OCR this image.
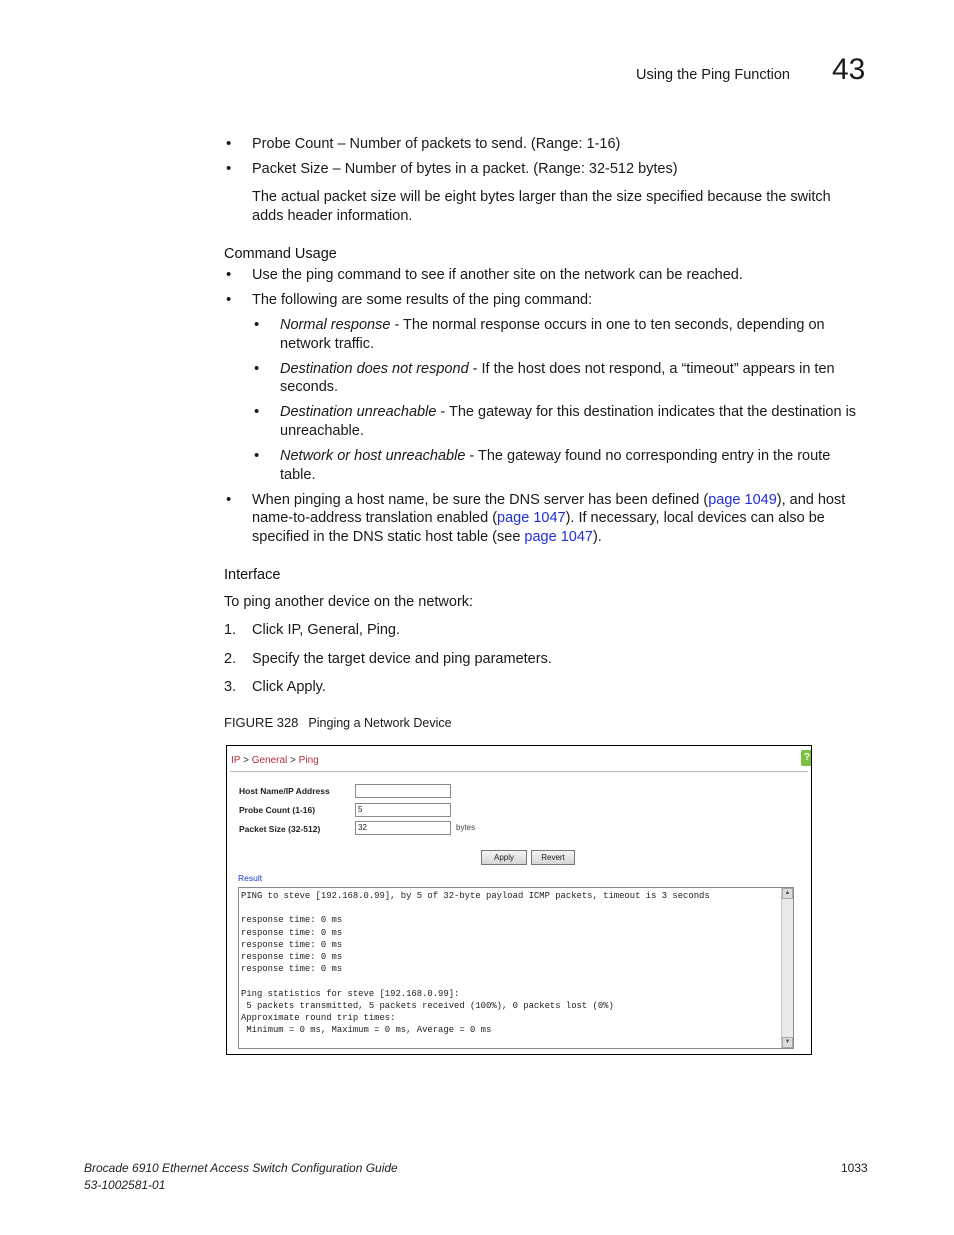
Using the Ping Function 43
• Probe Count – Number of packets to send. (Range: 1-16)
• Packet Size – Number of bytes in a packet. (Range: 32-512 bytes)
The actual packet size will be eight bytes larger than the size specified because the switch
adds header information.
Command Usage
• Use the ping command to see if another site on the network can be reached.
• The following are some results of the ping command:
• Normal response - The normal response occurs in one to ten seconds, depending on
network traffic.
• Destination does not respond - If the host does not respond, a “timeout” appears in ten
seconds.
• Destination unreachable - The gateway for this destination indicates that the destination is
unreachable.
• Network or host unreachable - The gateway found no corresponding entry in the route
table.
• When pinging a host name, be sure the DNS server has been defined (page 1049), and host
name-to-address translation enabled (page 1047). If necessary, local devices can also be
specified in the DNS static host table (see page 1047).
Interface
To ping another device on the network:
1. Click IP, General, Ping.
2. Specify the target device and ping parameters.
3. Click Apply.
FIGURE 328 Pinging a Network Device
IP > General > Ping	?
Host Name/IP Address
Probe Count (1-16)	5
Packet Size (32-512)	32	bytes
Apply	Revert
Result
PING to steve [192.168.0.99], by 5 of 32-byte payload ICMP packets, timeout is 3 seconds

response time: 0 ms
response time: 0 ms
response time: 0 ms
response time: 0 ms
response time: 0 ms

Ping statistics for steve [192.168.0.99]:
5 packets transmitted, 5 packets received (100%), 0 packets lost (0%)
Approximate round trip times:
Minimum = 0 ms, Maximum = 0 ms, Average = 0 ms
▲
▼
Brocade 6910 Ethernet Access Switch Configuration Guide
53-1002581-01
1033
